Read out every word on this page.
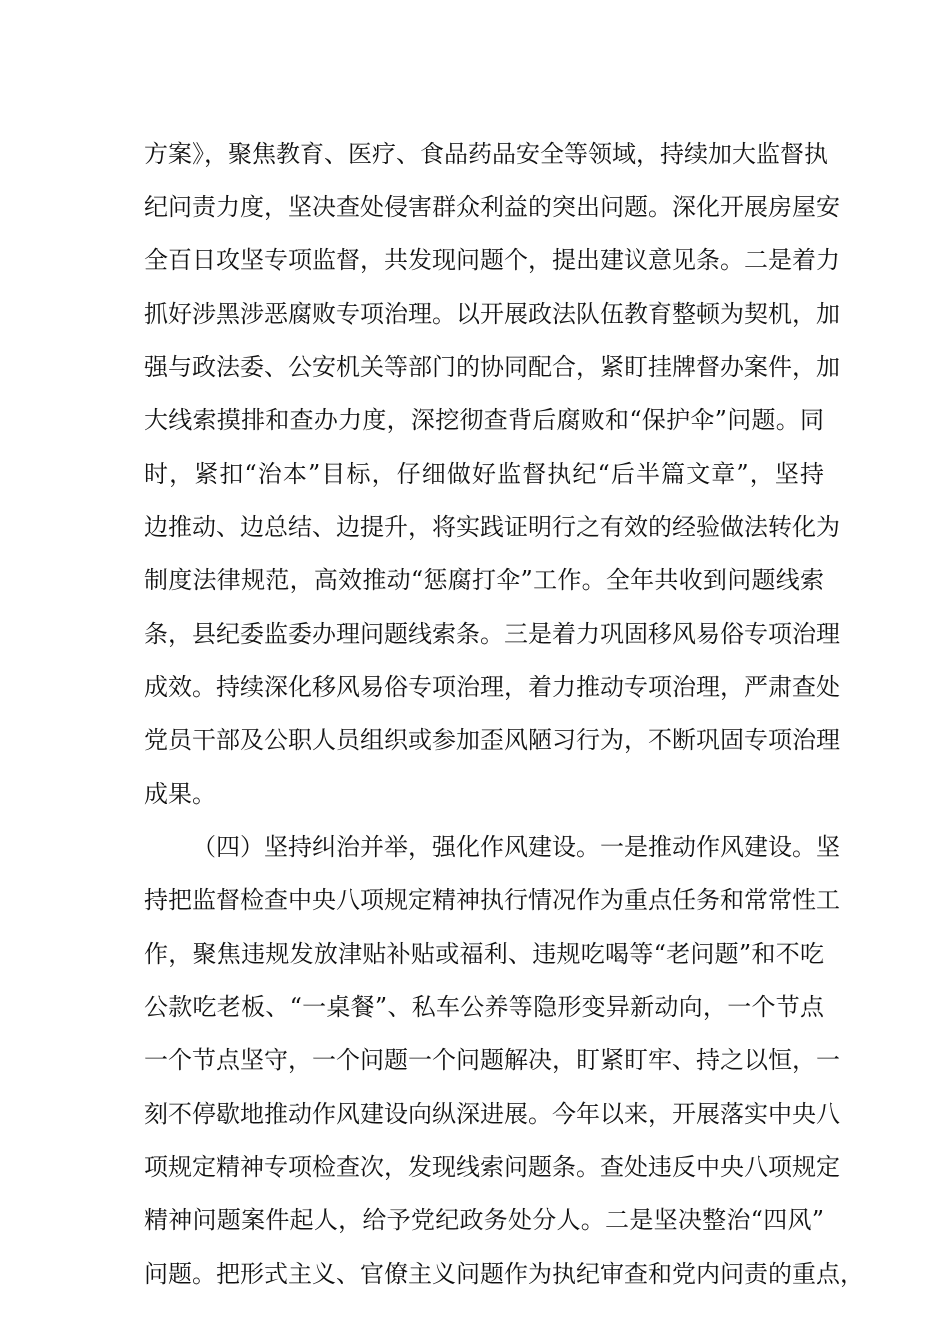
方案》，聚焦教育、医疗、食品药品安全等领域，持续加大监督执
纪问责力度，坚决查处侵害群众利益的突出问题。深化开展房屋安
全百日攻坚专项监督，共发现问题个，提出建议意见条。二是着力
抓好涉黑涉恶腐败专项治理。以开展政法队伍教育整顿为契机，加
强与政法委、公安机关等部门的协同配合，紧盯挂牌督办案件，加
大线索摸排和查办力度，深挖彻查背后腐败和“保护伞”问题。同
时，紧扣“治本”目标，仔细做好监督执纪“后半篇文章”，坚持
边推动、边总结、边提升，将实践证明行之有效的经验做法转化为
制度法律规范，高效推动“惩腐打伞”工作。全年共收到问题线索
条，县纪委监委办理问题线索条。三是着力巩固移风易俗专项治理
成效。持续深化移风易俗专项治理，着力推动专项治理，严肃查处
党员干部及公职人员组织或参加歪风陋习行为，不断巩固专项治理
成果。
（四）坚持纠治并举，强化作风建设。一是推动作风建设。坚
持把监督检查中央八项规定精神执行情况作为重点任务和常常性工
作，聚焦违规发放津贴补贴或福利、违规吃喝等“老问题”和不吃
公款吃老板、“一桌餐”、私车公养等隐形变异新动向，一个节点
一个节点坚守，一个问题一个问题解决，盯紧盯牢、持之以恒，一
刻不停歇地推动作风建设向纵深进展。今年以来，开展落实中央八
项规定精神专项检查次，发现线索问题条。查处违反中央八项规定
精神问题案件起人，给予党纪政务处分人。二是坚决整治“四风”
问题。把形式主义、官僚主义问题作为执纪审查和党内问责的重点，
